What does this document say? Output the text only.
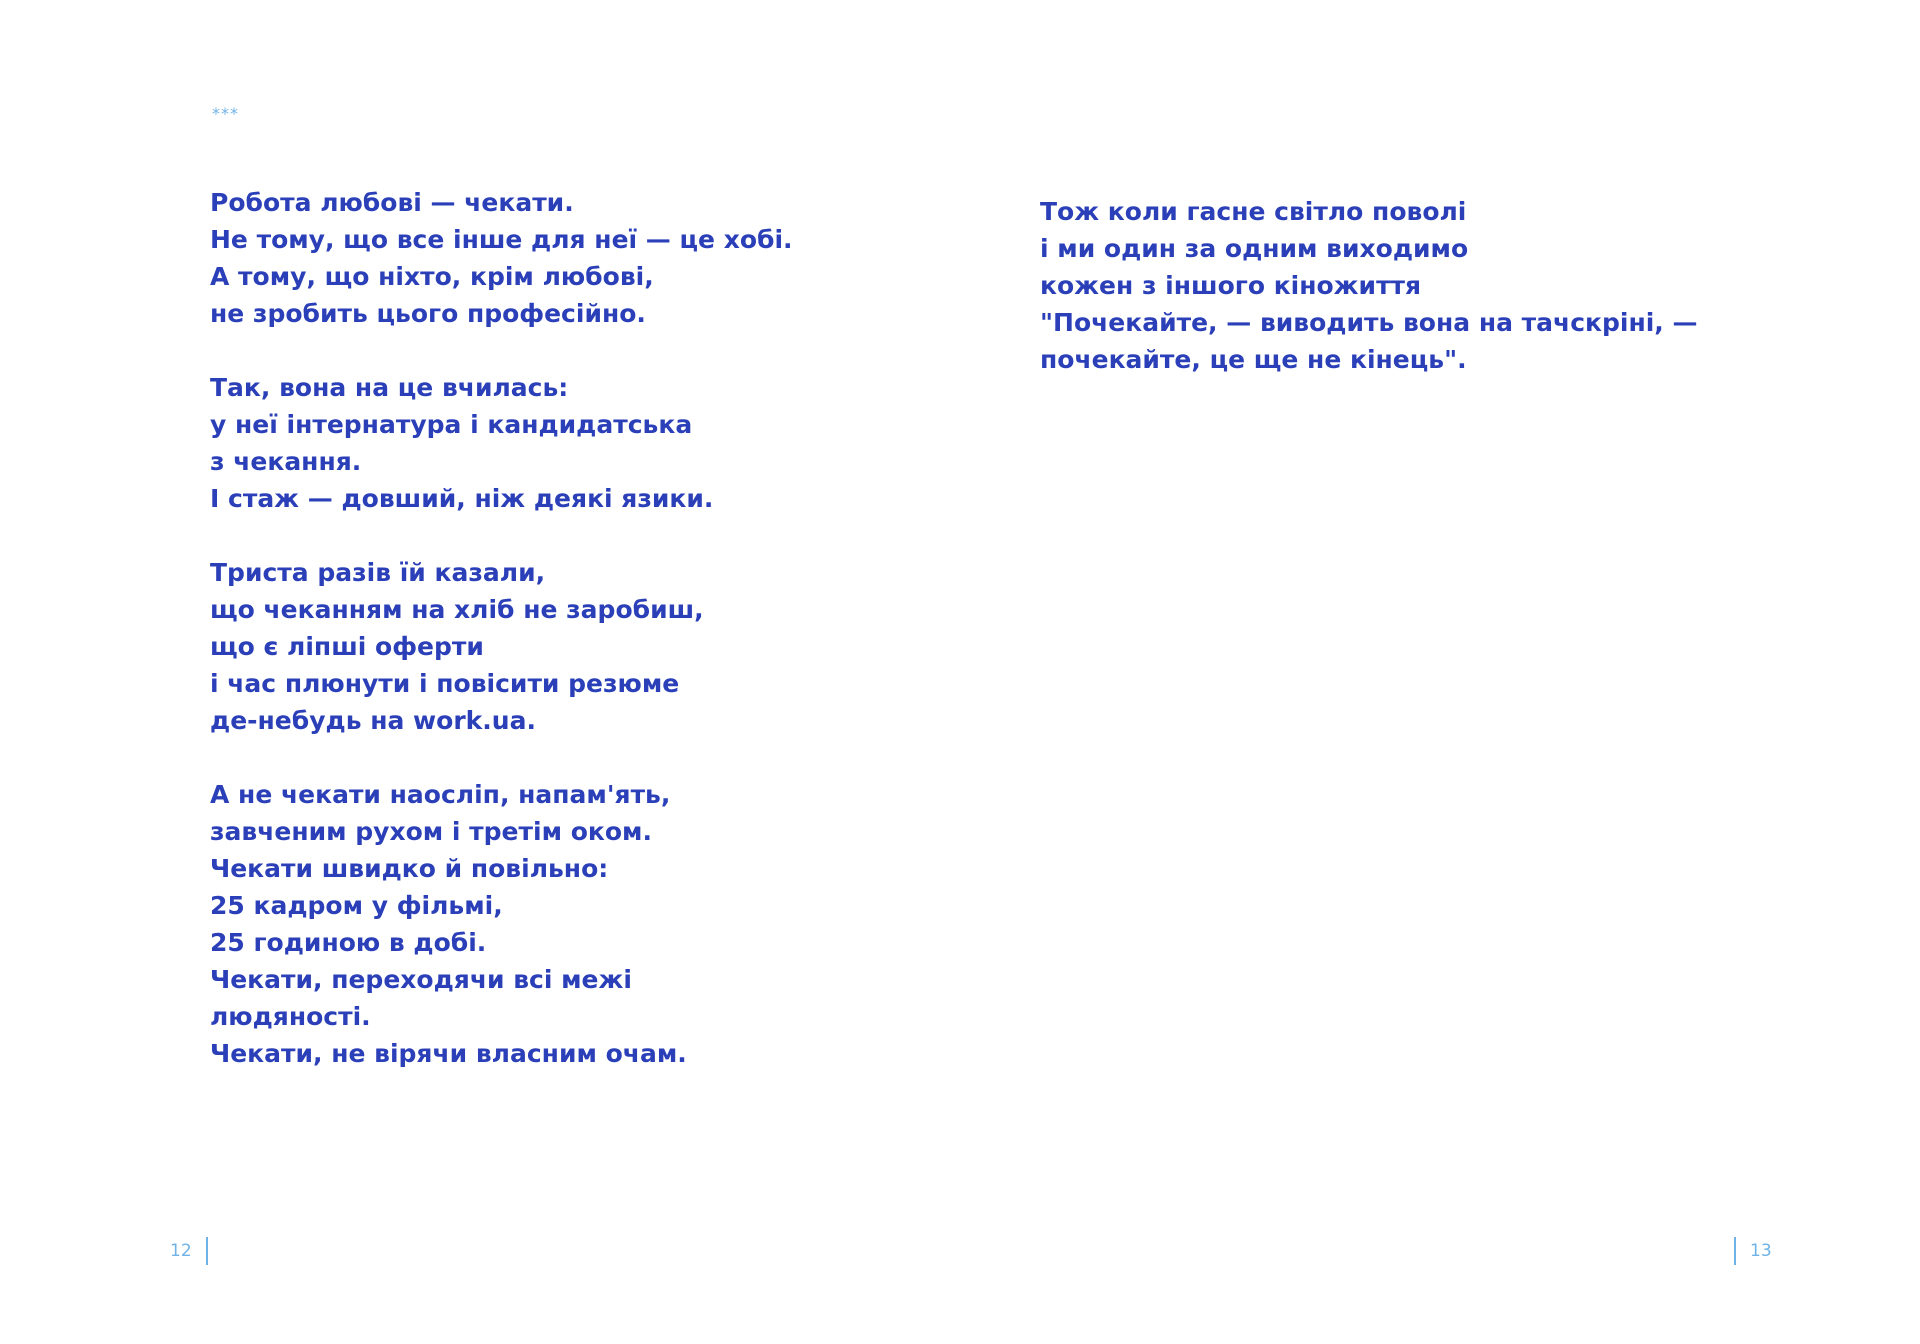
***
Робота любові — чекати.
Не тому, що все інше для неї — це хобі.
А тому, що ніхто, крім любові,
не зробить цього професійно.
Так, вона на це вчилась:
у неї інтернатура і кандидатська
з чекання.
І стаж — довший, ніж деякі язики.
Триста разів їй казали,
що чеканням на хліб не заробиш,
що є ліпші оферти
і час плюнути і повісити резюме
де-небудь на work.ua.
А не чекати наосліп, напам'ять,
завченим рухом і третім оком.
Чекати швидко й повільно:
25 кадром у фільмі,
25 годиною в добі.
Чекати, переходячи всі межі
людяності.
Чекати, не вірячи власним очам.
12
Тож коли гасне світло поволі
і ми один за одним виходимо
кожен з іншого кіножиття
"Почекайте, — виводить вона на тачскріні, —
почекайте, це ще не кінець".
13
